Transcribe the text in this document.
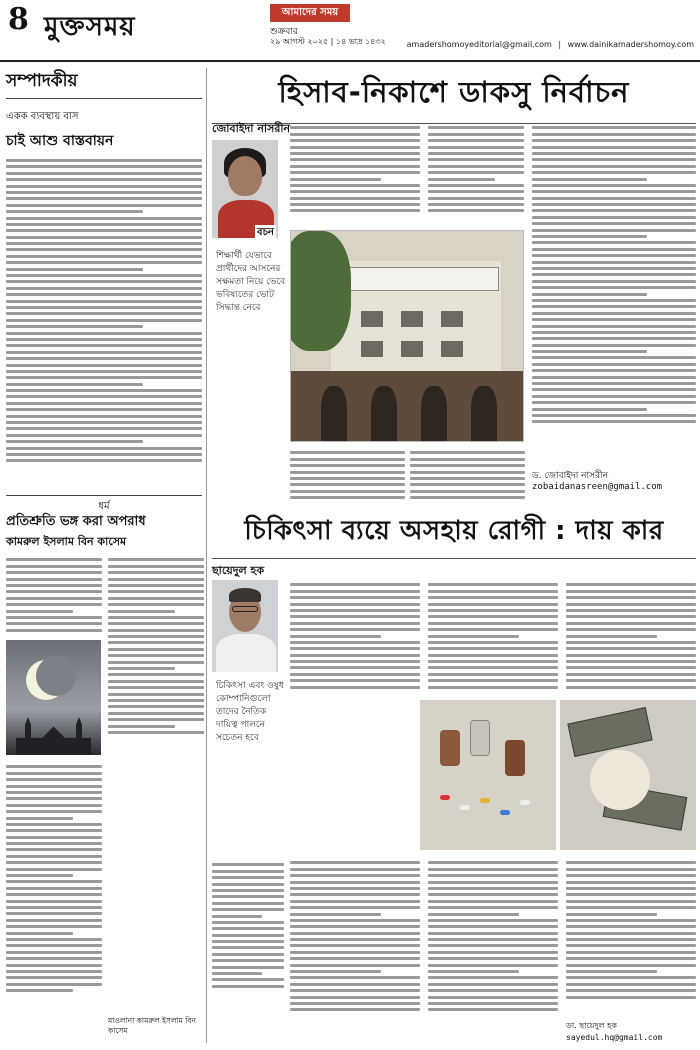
8 মুক্তসময়	আমাদের সময়
শুক্রবার
২৯ আগস্ট ২০২৫ | ১৪ ভাদ্র ১৪৩২	amadershomoyeditorial@gmail.com | www.dainikamadershomoy.com
সম্পাদকীয়
একক ব্যবস্থায় বাস
চাই আশু বাস্তবায়ন
ধর্ম
প্রতিশ্রুতি ভঙ্গ করা অপরাধ
কামরুল ইসলাম বিন কাসেম
মাওলানা কামরুল ইসলাম বিন কাসেম
হিসাব-নিকাশে ডাকসু নির্বাচন
জোবাইদা নাসরীন
বচন
শিক্ষার্থী যেভাবে প্রার্থীদের আসনের সক্ষমতা নিয়ে ভেবে ভবিষ্যতের ভোট সিদ্ধান্ত নেবে
ড. জোবাইদা নাসরীন
zobaidanasreen@gmail.com
চিকিৎসা ব্যয়ে অসহায় রোগী : দায় কার
ছায়েদুল হক
চিকিৎসা এবং ওষুধ কোম্পানিগুলো তাদের নৈতিক দায়িত্ব পালনে সচেতন হবে
ডা. ছায়েদুল হক
sayedul.hq@gmail.com
